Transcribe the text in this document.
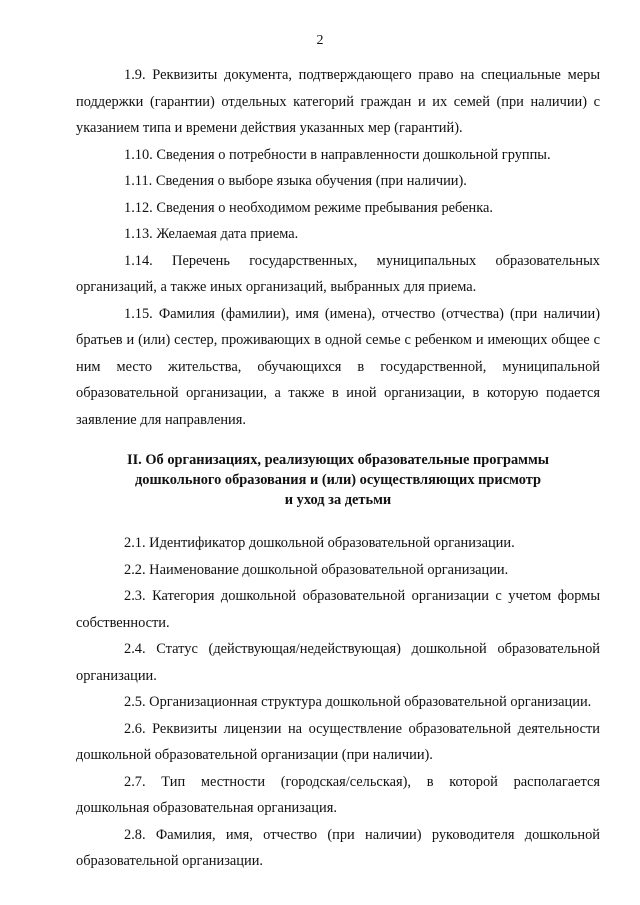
2

1.9. Реквизиты документа, подтверждающего право на специальные меры поддержки (гарантии) отдельных категорий граждан и их семей (при наличии) с указанием типа и времени действия указанных мер (гарантий).

1.10. Сведения о потребности в направленности дошкольной группы.

1.11. Сведения о выборе языка обучения (при наличии).

1.12. Сведения о необходимом режиме пребывания ребенка.

1.13. Желаемая дата приема.

1.14. Перечень государственных, муниципальных образовательных организаций, а также иных организаций, выбранных для приема.

1.15. Фамилия (фамилии), имя (имена), отчество (отчества) (при наличии) братьев и (или) сестер, проживающих в одной семье с ребенком и имеющих общее с ним место жительства, обучающихся в государственной, муниципальной образовательной организации, а также в иной организации, в которую подается заявление для направления.

II. Об организациях, реализующих образовательные программы
дошкольного образования и (или) осуществляющих присмотр
и уход за детьми

2.1. Идентификатор дошкольной образовательной организации.

2.2. Наименование дошкольной образовательной организации.

2.3. Категория дошкольной образовательной организации с учетом формы собственности.

2.4. Статус (действующая/недействующая) дошкольной образовательной организации.

2.5. Организационная структура дошкольной образовательной организации.

2.6. Реквизиты лицензии на осуществление образовательной деятельности дошкольной образовательной организации (при наличии).

2.7. Тип местности (городская/сельская), в которой располагается дошкольная образовательная организация.

2.8. Фамилия, имя, отчество (при наличии) руководителя дошкольной образовательной организации.
